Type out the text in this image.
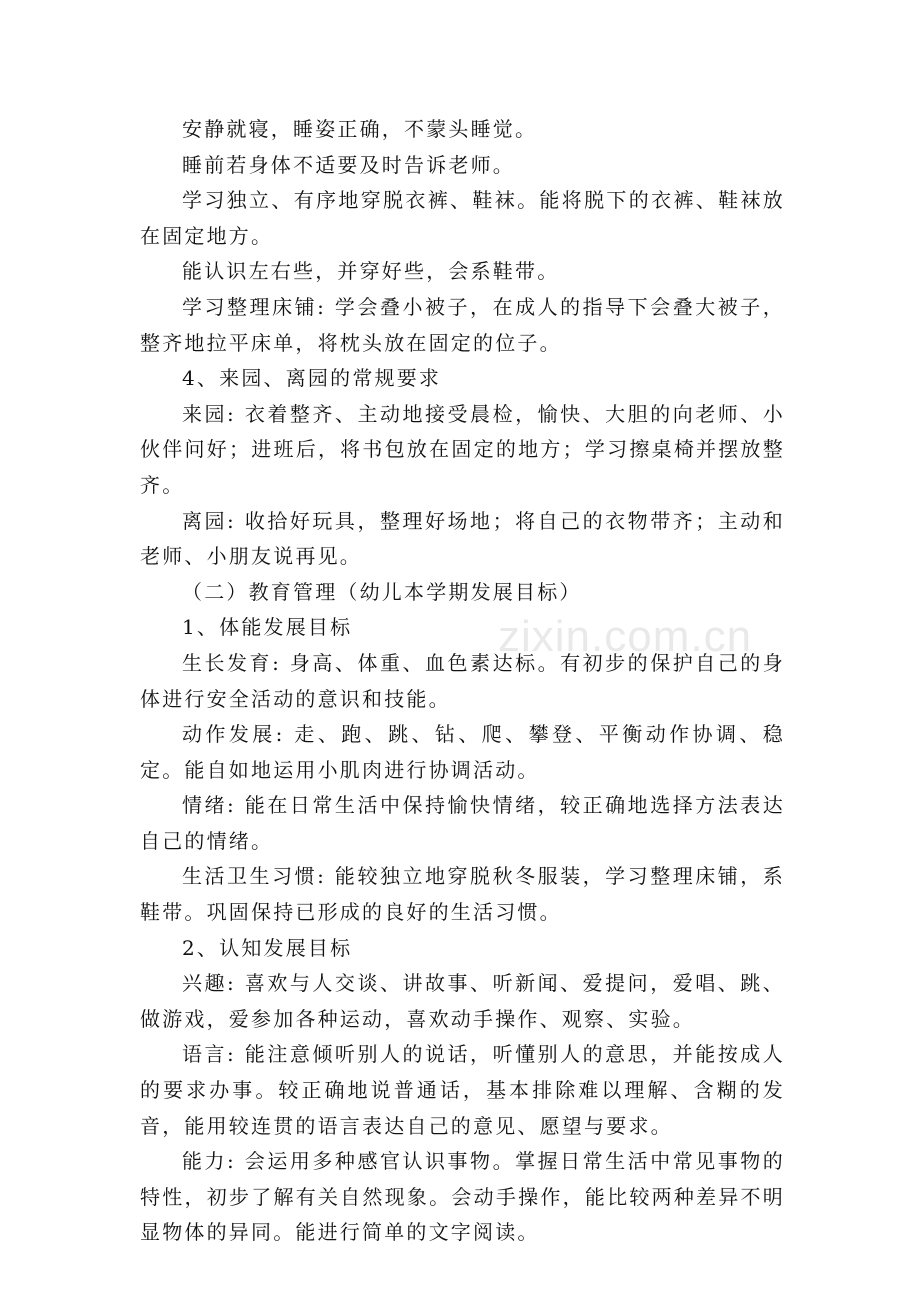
安静就寝，睡姿正确，不蒙头睡觉。

睡前若身体不适要及时告诉老师。

学习独立、有序地穿脱衣裤、鞋袜。能将脱下的衣裤、鞋袜放在固定地方。

能认识左右些，并穿好些，会系鞋带。

学习整理床铺: 学会叠小被子，在成人的指导下会叠大被子，整齐地拉平床单，将枕头放在固定的位子。

4、来园、离园的常规要求

来园: 衣着整齐、主动地接受晨检，愉快、大胆的向老师、小伙伴问好；进班后，将书包放在固定的地方；学习擦桌椅并摆放整齐。

离园: 收拾好玩具，整理好场地；将自己的衣物带齐；主动和老师、小朋友说再见。

（二）教育管理（幼儿本学期发展目标）

1、体能发展目标

生长发育: 身高、体重、血色素达标。有初步的保护自己的身体进行安全活动的意识和技能。

动作发展: 走、跑、跳、钻、爬、攀登、平衡动作协调、稳定。能自如地运用小肌肉进行协调活动。

情绪: 能在日常生活中保持愉快情绪，较正确地选择方法表达自己的情绪。

生活卫生习惯: 能较独立地穿脱秋冬服装，学习整理床铺，系鞋带。巩固保持已形成的良好的生活习惯。

2、认知发展目标

兴趣: 喜欢与人交谈、讲故事、听新闻、爱提问，爱唱、跳、做游戏，爱参加各种运动，喜欢动手操作、观察、实验。

语言: 能注意倾听别人的说话，听懂别人的意思，并能按成人的要求办事。较正确地说普通话，基本排除难以理解、含糊的发音，能用较连贯的语言表达自己的意见、愿望与要求。

能力: 会运用多种感官认识事物。掌握日常生活中常见事物的特性，初步了解有关自然现象。会动手操作，能比较两种差异不明显物体的异同。能进行简单的文字阅读。

zixin.com.cn
